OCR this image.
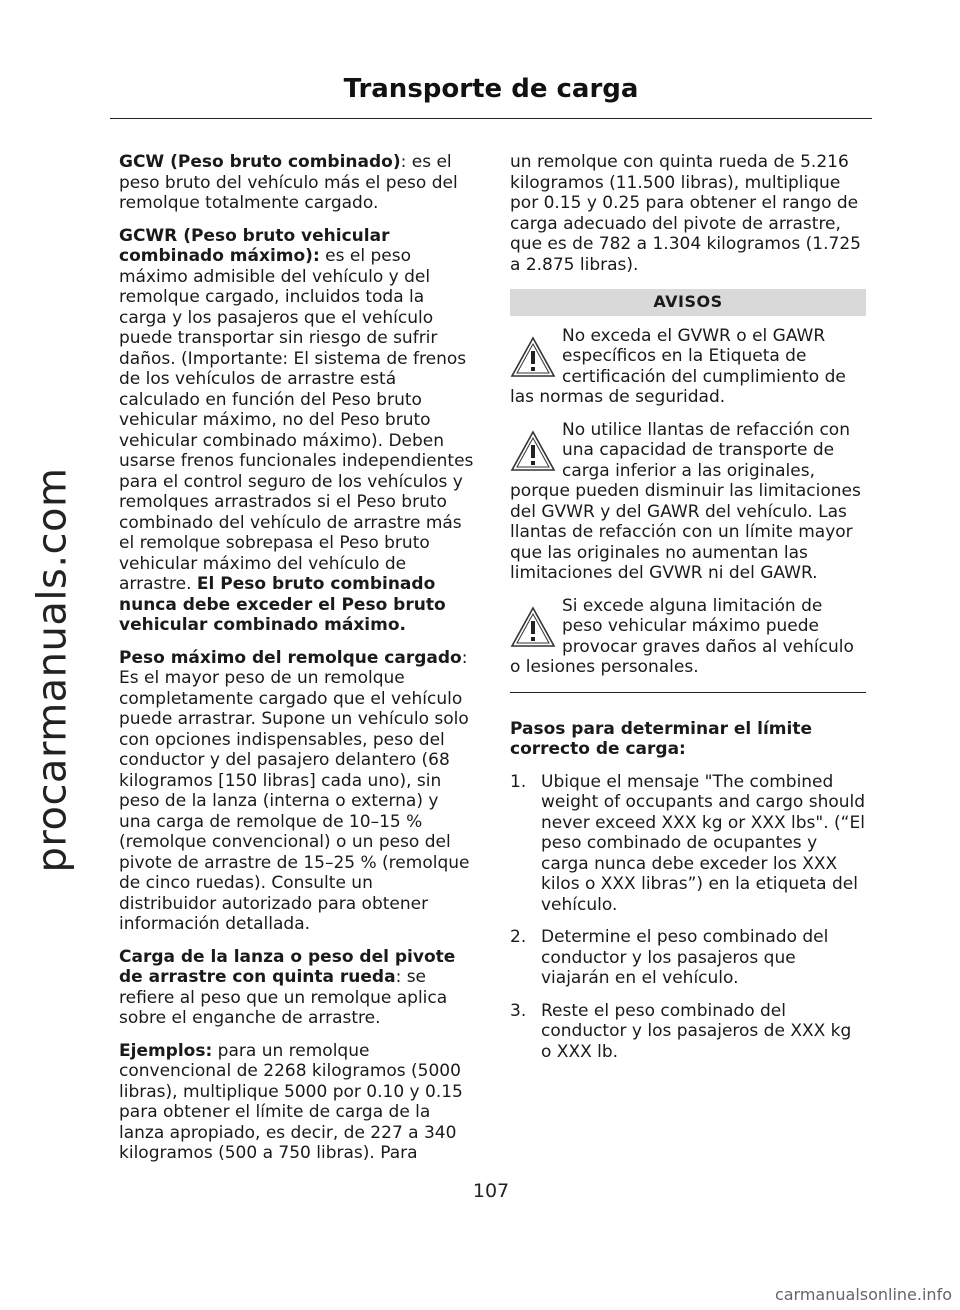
procarmanuals.com
Transporte de carga

GCW (Peso bruto combinado): es el peso bruto del vehículo más el peso del remolque totalmente cargado.

GCWR (Peso bruto vehicular combinado máximo): es el peso máximo admisible del vehículo y del remolque cargado, incluidos toda la carga y los pasajeros que el vehículo puede transportar sin riesgo de sufrir daños. (Importante: El sistema de frenos de los vehículos de arrastre está calculado en función del Peso bruto vehicular máximo, no del Peso bruto vehicular combinado máximo). Deben usarse frenos funcionales independientes para el control seguro de los vehículos y remolques arrastrados si el Peso bruto combinado del vehículo de arrastre más el remolque sobrepasa el Peso bruto vehicular máximo del vehículo de arrastre. El Peso bruto combinado nunca debe exceder el Peso bruto vehicular combinado máximo.

Peso máximo del remolque cargado: Es el mayor peso de un remolque completamente cargado que el vehículo puede arrastrar. Supone un vehículo solo con opciones indispensables, peso del conductor y del pasajero delantero (68 kilogramos [150 libras] cada uno), sin peso de la lanza (interna o externa) y una carga de remolque de 10–15 % (remolque convencional) o un peso del pivote de arrastre de 15–25 % (remolque de cinco ruedas). Consulte un distribuidor autorizado para obtener información detallada.

Carga de la lanza o peso del pivote de arrastre con quinta rueda: se refiere al peso que un remolque aplica sobre el enganche de arrastre.

Ejemplos: para un remolque convencional de 2268 kilogramos (5000 libras), multiplique 5000 por 0.10 y 0.15 para obtener el límite de carga de la lanza apropiado, es decir, de 227 a 340 kilogramos (500 a 750 libras). Para

un remolque con quinta rueda de 5.216 kilogramos (11.500 libras), multiplique por 0.15 y 0.25 para obtener el rango de carga adecuado del pivote de arrastre, que es de 782 a 1.304 kilogramos (1.725 a 2.875 libras).

AVISOS
No exceda el GVWR o el GAWR específicos en la Etiqueta de certificación del cumplimiento de las normas de seguridad.
No utilice llantas de refacción con una capacidad de transporte de carga inferior a las originales, porque pueden disminuir las limitaciones del GVWR y del GAWR del vehículo. Las llantas de refacción con un límite mayor que las originales no aumentan las limitaciones del GVWR ni del GAWR.
Si excede alguna limitación de peso vehicular máximo puede provocar graves daños al vehículo o lesiones personales.

Pasos para determinar el límite correcto de carga:

1. Ubique el mensaje "The combined weight of occupants and cargo should never exceed XXX kg or XXX lbs". (“El peso combinado de ocupantes y carga nunca debe exceder los XXX kilos o XXX libras”) en la etiqueta del vehículo.
2. Determine el peso combinado del conductor y los pasajeros que viajarán en el vehículo.
3. Reste el peso combinado del conductor y los pasajeros de XXX kg o XXX lb.
107
carmanualsonline.info
